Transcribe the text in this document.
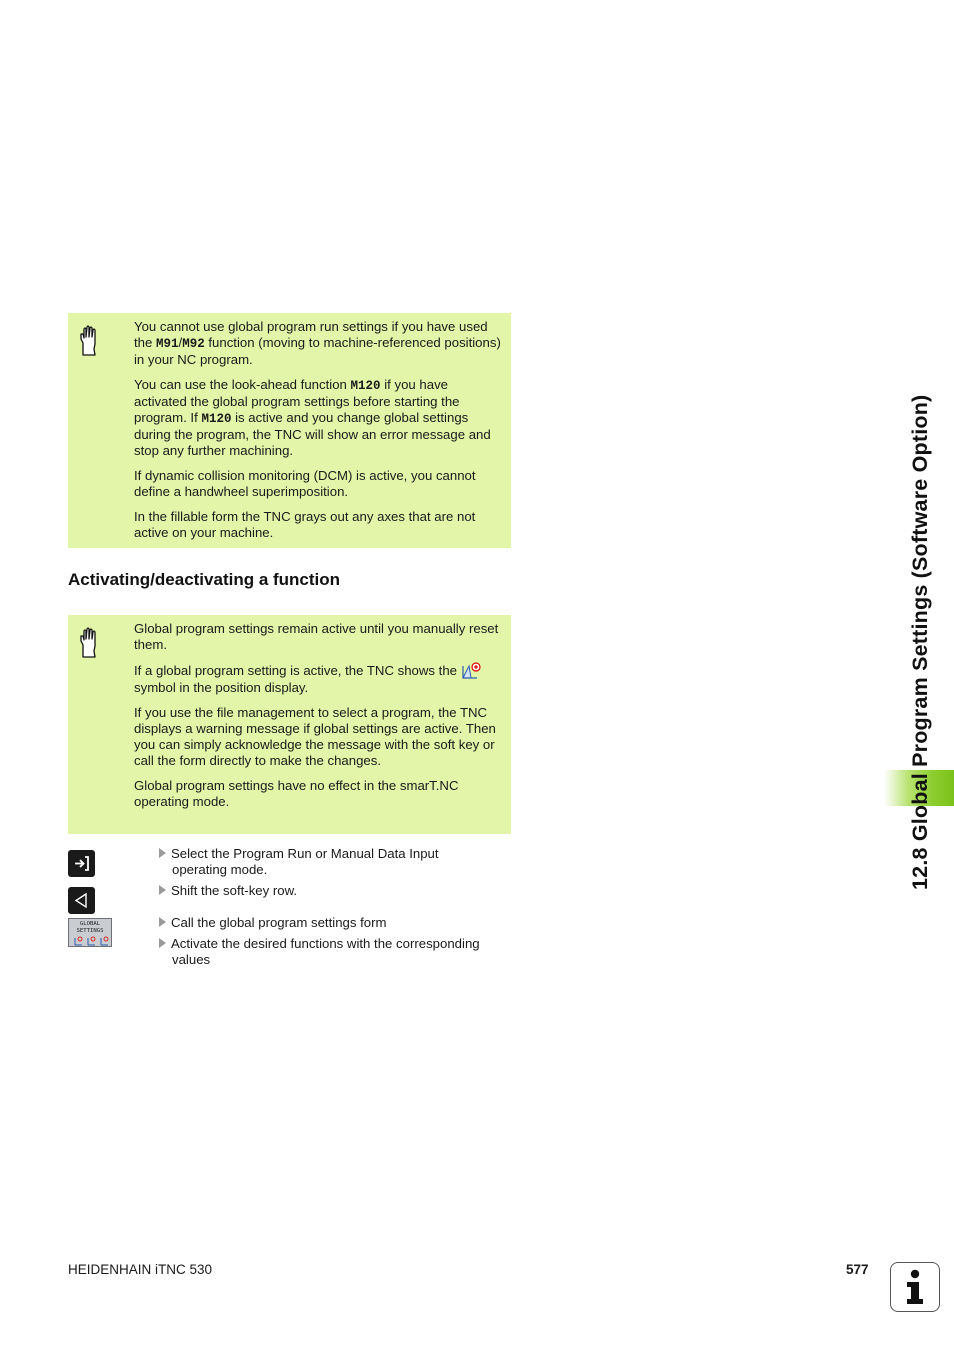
You cannot use global program run settings if you have used the M91/M92 function (moving to machine-referenced positions) in your NC program.

You can use the look-ahead function M120 if you have activated the global program settings before starting the program. If M120 is active and you change global settings during the program, the TNC will show an error message and stop any further machining.

If dynamic collision monitoring (DCM) is active, you cannot define a handwheel superimposition.

In the fillable form the TNC grays out any axes that are not active on your machine.

Activating/deactivating a function

Global program settings remain active until you manually reset them.

If a global program setting is active, the TNC shows the  symbol in the position display.

If you use the file management to select a program, the TNC displays a warning message if global settings are active. Then you can simply acknowledge the message with the soft key or call the form directly to make the changes.

Global program settings have no effect in the smarT.NC operating mode.

GLOBAL
SETTINGS
Select the Program Run or Manual Data Input
operating mode.
Shift the soft-key row.
Call the global program settings form
Activate the desired functions with the corresponding
values
12.8 Global Program Settings (Software Option)
HEIDENHAIN iTNC 530	577
